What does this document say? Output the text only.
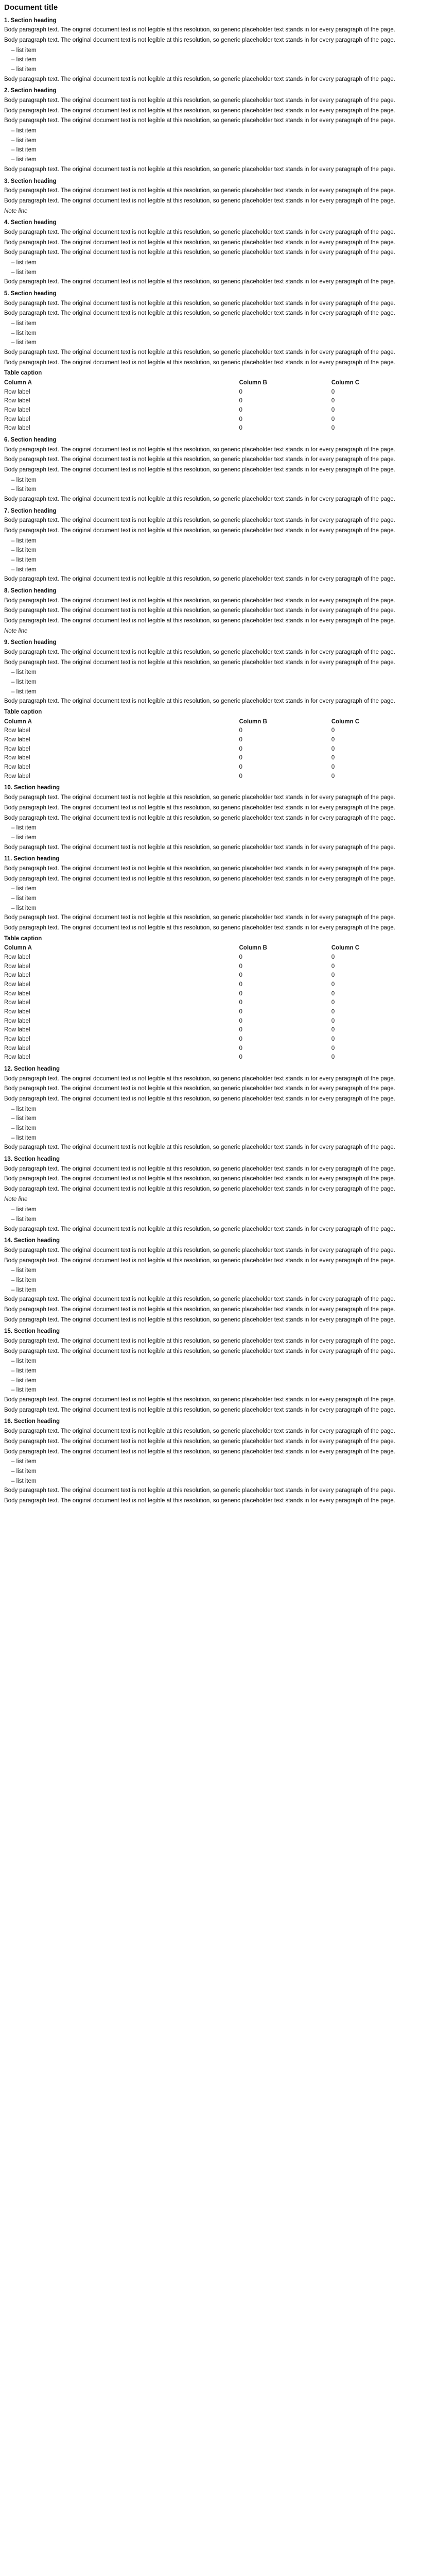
Document title
1. Section heading
Body paragraph text. The original document text is not legible at this resolution, so generic placeholder text stands in for every paragraph of the page.
Body paragraph text. The original document text is not legible at this resolution, so generic placeholder text stands in for every paragraph of the page.
– list item
– list item
– list item
Body paragraph text. The original document text is not legible at this resolution, so generic placeholder text stands in for every paragraph of the page.
2. Section heading
Body paragraph text. The original document text is not legible at this resolution, so generic placeholder text stands in for every paragraph of the page.
Body paragraph text. The original document text is not legible at this resolution, so generic placeholder text stands in for every paragraph of the page.
Body paragraph text. The original document text is not legible at this resolution, so generic placeholder text stands in for every paragraph of the page.
– list item
– list item
– list item
– list item
Body paragraph text. The original document text is not legible at this resolution, so generic placeholder text stands in for every paragraph of the page.
3. Section heading
Body paragraph text. The original document text is not legible at this resolution, so generic placeholder text stands in for every paragraph of the page.
Body paragraph text. The original document text is not legible at this resolution, so generic placeholder text stands in for every paragraph of the page.
Note line
4. Section heading
Body paragraph text. The original document text is not legible at this resolution, so generic placeholder text stands in for every paragraph of the page.
Body paragraph text. The original document text is not legible at this resolution, so generic placeholder text stands in for every paragraph of the page.
Body paragraph text. The original document text is not legible at this resolution, so generic placeholder text stands in for every paragraph of the page.
– list item
– list item
Body paragraph text. The original document text is not legible at this resolution, so generic placeholder text stands in for every paragraph of the page.
5. Section heading
Body paragraph text. The original document text is not legible at this resolution, so generic placeholder text stands in for every paragraph of the page.
Body paragraph text. The original document text is not legible at this resolution, so generic placeholder text stands in for every paragraph of the page.
– list item
– list item
– list item
Body paragraph text. The original document text is not legible at this resolution, so generic placeholder text stands in for every paragraph of the page.
Body paragraph text. The original document text is not legible at this resolution, so generic placeholder text stands in for every paragraph of the page.
Table caption
Column A	Column B	Column C
Row label	0	0
Row label	0	0
Row label	0	0
Row label	0	0
Row label	0	0
6. Section heading
Body paragraph text. The original document text is not legible at this resolution, so generic placeholder text stands in for every paragraph of the page.
Body paragraph text. The original document text is not legible at this resolution, so generic placeholder text stands in for every paragraph of the page.
Body paragraph text. The original document text is not legible at this resolution, so generic placeholder text stands in for every paragraph of the page.
– list item
– list item
Body paragraph text. The original document text is not legible at this resolution, so generic placeholder text stands in for every paragraph of the page.
7. Section heading
Body paragraph text. The original document text is not legible at this resolution, so generic placeholder text stands in for every paragraph of the page.
Body paragraph text. The original document text is not legible at this resolution, so generic placeholder text stands in for every paragraph of the page.
– list item
– list item
– list item
– list item
Body paragraph text. The original document text is not legible at this resolution, so generic placeholder text stands in for every paragraph of the page.
8. Section heading
Body paragraph text. The original document text is not legible at this resolution, so generic placeholder text stands in for every paragraph of the page.
Body paragraph text. The original document text is not legible at this resolution, so generic placeholder text stands in for every paragraph of the page.
Body paragraph text. The original document text is not legible at this resolution, so generic placeholder text stands in for every paragraph of the page.
Note line
9. Section heading
Body paragraph text. The original document text is not legible at this resolution, so generic placeholder text stands in for every paragraph of the page.
Body paragraph text. The original document text is not legible at this resolution, so generic placeholder text stands in for every paragraph of the page.
– list item
– list item
– list item
Body paragraph text. The original document text is not legible at this resolution, so generic placeholder text stands in for every paragraph of the page.
Table caption
Column A	Column B	Column C
Row label	0	0
Row label	0	0
Row label	0	0
Row label	0	0
Row label	0	0
Row label	0	0
10. Section heading
Body paragraph text. The original document text is not legible at this resolution, so generic placeholder text stands in for every paragraph of the page.
Body paragraph text. The original document text is not legible at this resolution, so generic placeholder text stands in for every paragraph of the page.
Body paragraph text. The original document text is not legible at this resolution, so generic placeholder text stands in for every paragraph of the page.
– list item
– list item
Body paragraph text. The original document text is not legible at this resolution, so generic placeholder text stands in for every paragraph of the page.
11. Section heading
Body paragraph text. The original document text is not legible at this resolution, so generic placeholder text stands in for every paragraph of the page.
Body paragraph text. The original document text is not legible at this resolution, so generic placeholder text stands in for every paragraph of the page.
– list item
– list item
– list item
Body paragraph text. The original document text is not legible at this resolution, so generic placeholder text stands in for every paragraph of the page.
Body paragraph text. The original document text is not legible at this resolution, so generic placeholder text stands in for every paragraph of the page.
Table caption
Column A	Column B	Column C
Row label	0	0
Row label	0	0
Row label	0	0
Row label	0	0
Row label	0	0
Row label	0	0
Row label	0	0
Row label	0	0
Row label	0	0
Row label	0	0
Row label	0	0
Row label	0	0
12. Section heading
Body paragraph text. The original document text is not legible at this resolution, so generic placeholder text stands in for every paragraph of the page.
Body paragraph text. The original document text is not legible at this resolution, so generic placeholder text stands in for every paragraph of the page.
Body paragraph text. The original document text is not legible at this resolution, so generic placeholder text stands in for every paragraph of the page.
– list item
– list item
– list item
– list item
Body paragraph text. The original document text is not legible at this resolution, so generic placeholder text stands in for every paragraph of the page.
13. Section heading
Body paragraph text. The original document text is not legible at this resolution, so generic placeholder text stands in for every paragraph of the page.
Body paragraph text. The original document text is not legible at this resolution, so generic placeholder text stands in for every paragraph of the page.
Body paragraph text. The original document text is not legible at this resolution, so generic placeholder text stands in for every paragraph of the page.
Note line
– list item
– list item
Body paragraph text. The original document text is not legible at this resolution, so generic placeholder text stands in for every paragraph of the page.
14. Section heading
Body paragraph text. The original document text is not legible at this resolution, so generic placeholder text stands in for every paragraph of the page.
Body paragraph text. The original document text is not legible at this resolution, so generic placeholder text stands in for every paragraph of the page.
– list item
– list item
– list item
Body paragraph text. The original document text is not legible at this resolution, so generic placeholder text stands in for every paragraph of the page.
Body paragraph text. The original document text is not legible at this resolution, so generic placeholder text stands in for every paragraph of the page.
Body paragraph text. The original document text is not legible at this resolution, so generic placeholder text stands in for every paragraph of the page.
15. Section heading
Body paragraph text. The original document text is not legible at this resolution, so generic placeholder text stands in for every paragraph of the page.
Body paragraph text. The original document text is not legible at this resolution, so generic placeholder text stands in for every paragraph of the page.
– list item
– list item
– list item
– list item
Body paragraph text. The original document text is not legible at this resolution, so generic placeholder text stands in for every paragraph of the page.
Body paragraph text. The original document text is not legible at this resolution, so generic placeholder text stands in for every paragraph of the page.
16. Section heading
Body paragraph text. The original document text is not legible at this resolution, so generic placeholder text stands in for every paragraph of the page.
Body paragraph text. The original document text is not legible at this resolution, so generic placeholder text stands in for every paragraph of the page.
Body paragraph text. The original document text is not legible at this resolution, so generic placeholder text stands in for every paragraph of the page.
– list item
– list item
– list item
Body paragraph text. The original document text is not legible at this resolution, so generic placeholder text stands in for every paragraph of the page.
Body paragraph text. The original document text is not legible at this resolution, so generic placeholder text stands in for every paragraph of the page.
